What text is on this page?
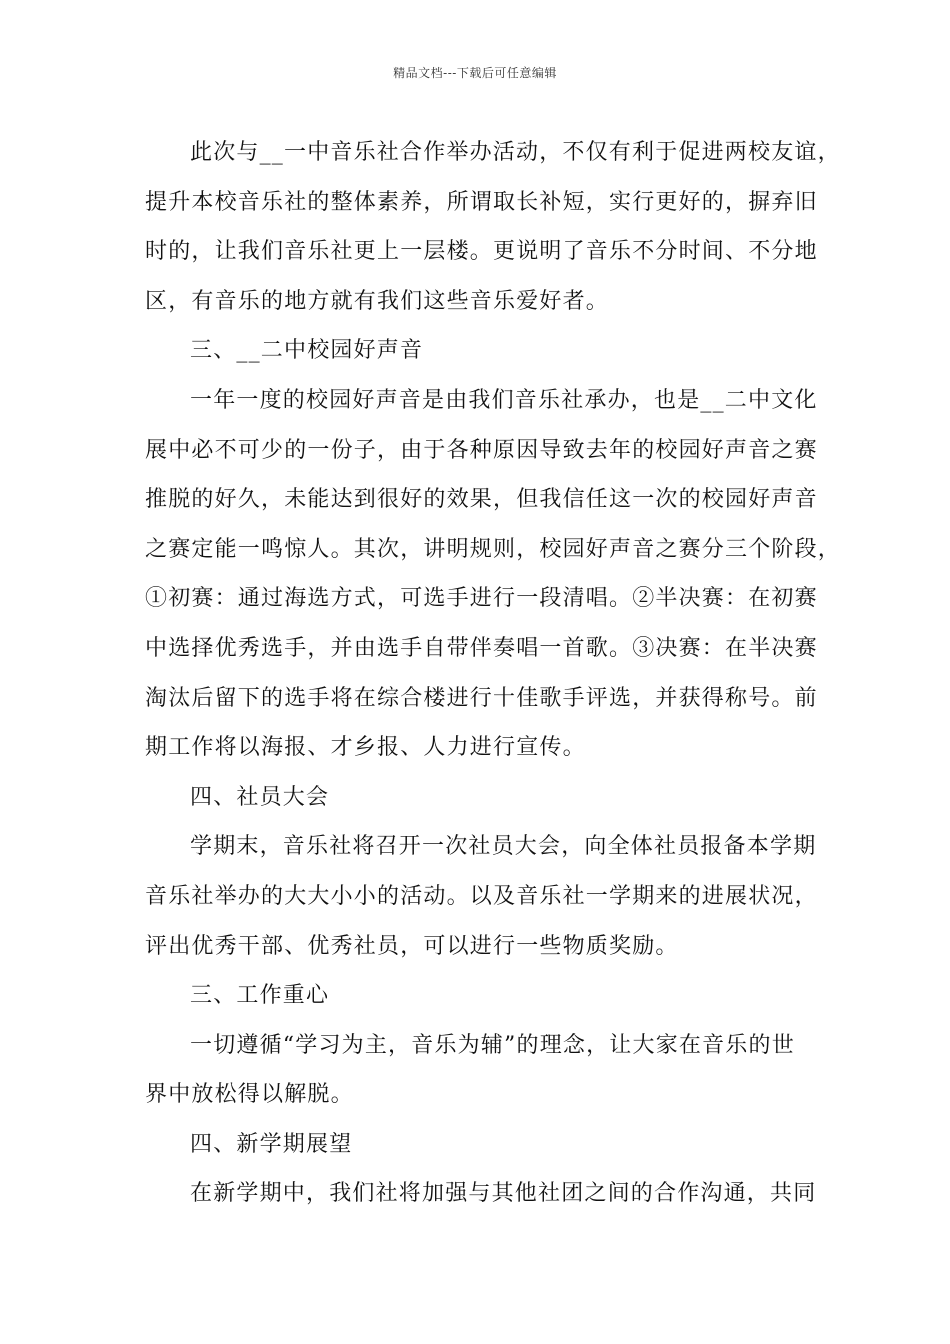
精品文档---下载后可任意编辑
此次与__一中音乐社合作举办活动，不仅有利于促进两校友谊，
提升本校音乐社的整体素养，所谓取长补短，实行更好的，摒弃旧
时的，让我们音乐社更上一层楼。更说明了音乐不分时间、不分地
区，有音乐的地方就有我们这些音乐爱好者。
三、__二中校园好声音
一年一度的校园好声音是由我们音乐社承办，也是__二中文化
展中必不可少的一份子，由于各种原因导致去年的校园好声音之赛
推脱的好久，未能达到很好的效果，但我信任这一次的校园好声音
之赛定能一鸣惊人。其次，讲明规则，校园好声音之赛分三个阶段，
①初赛：通过海选方式，可选手进行一段清唱。②半决赛：在初赛
中选择优秀选手，并由选手自带伴奏唱一首歌。③决赛：在半决赛
淘汰后留下的选手将在综合楼进行十佳歌手评选，并获得称号。前
期工作将以海报、才乡报、人力进行宣传。
四、社员大会
学期末，音乐社将召开一次社员大会，向全体社员报备本学期
音乐社举办的大大小小的活动。以及音乐社一学期来的进展状况，
评出优秀干部、优秀社员，可以进行一些物质奖励。
三、工作重心
一切遵循“学习为主，音乐为辅”的理念，让大家在音乐的世
界中放松得以解脱。
四、新学期展望
在新学期中，我们社将加强与其他社团之间的合作沟通，共同
